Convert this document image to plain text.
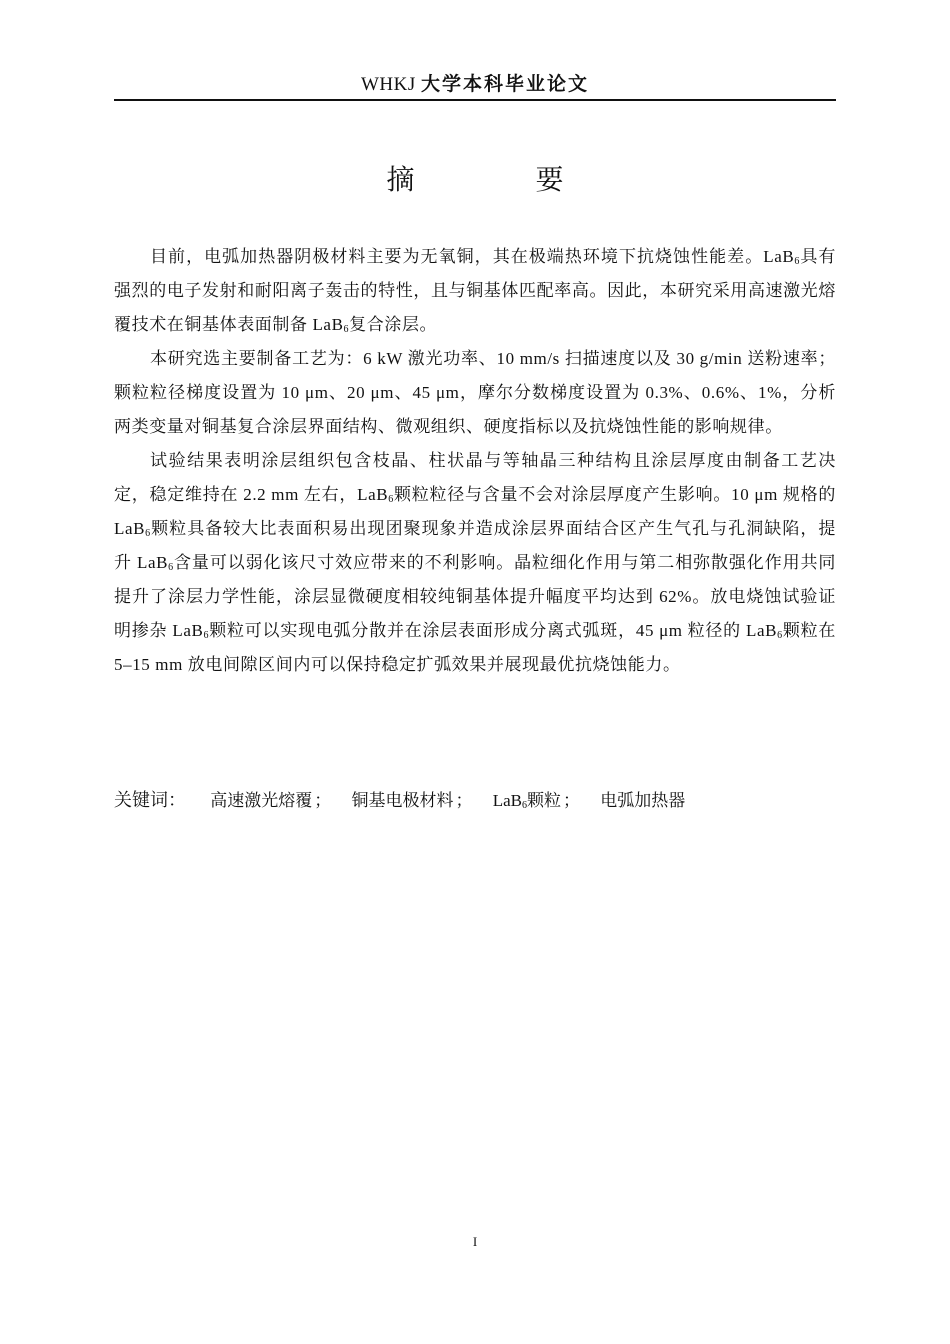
WHKJ 大学本科毕业论文
摘 要

目前，电弧加热器阴极材料主要为无氧铜，其在极端热环境下抗烧蚀性能差。LaB$_6$具有强烈的电子发射和耐阳离子轰击的特性，且与铜基体匹配率高。因此，本研究采用高速激光熔覆技术在铜基体表面制备 LaB$_6$复合涂层。

本研究选主要制备工艺为：6 kW 激光功率、10 mm/s 扫描速度以及 30 g/min 送粉速率；颗粒粒径梯度设置为 10 μm、20 μm、45 μm，摩尔分数梯度设置为 0.3%、0.6%、1%，分析两类变量对铜基复合涂层界面结构、微观组织、硬度指标以及抗烧蚀性能的影响规律。

试验结果表明涂层组织包含枝晶、柱状晶与等轴晶三种结构且涂层厚度由制备工艺决定，稳定维持在 2.2 mm 左右，LaB$_6$颗粒粒径与含量不会对涂层厚度产生影响。10 μm 规格的 LaB$_6$颗粒具备较大比表面积易出现团聚现象并造成涂层界面结合区产生气孔与孔洞缺陷，提升 LaB$_6$含量可以弱化该尺寸效应带来的不利影响。晶粒细化作用与第二相弥散强化作用共同提升了涂层力学性能，涂层显微硬度相较纯铜基体提升幅度平均达到 62%。放电烧蚀试验证明掺杂 LaB$_6$颗粒可以实现电弧分散并在涂层表面形成分离式弧斑，45 μm 粒径的 LaB$_6$颗粒在 5–15 mm 放电间隙区间内可以保持稳定扩弧效果并展现最优抗烧蚀能力。

关键词： 高速激光熔覆 ； 铜基电极材料 ； LaB$_6$颗粒 ； 电弧加热器
I
